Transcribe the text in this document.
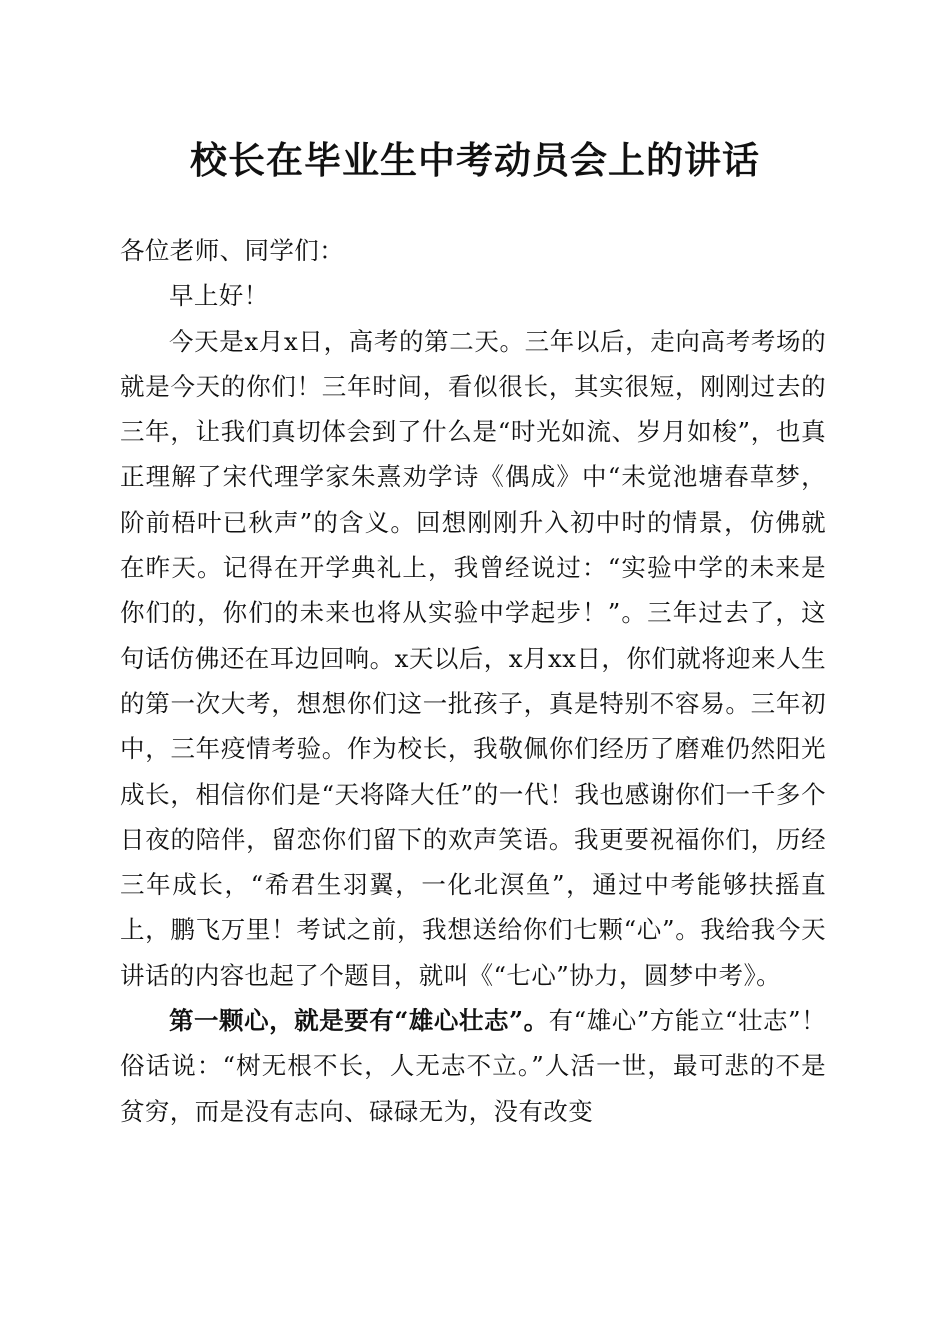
校长在毕业生中考动员会上的讲话

各位老师、同学们：

早上好！

今天是x月x日，高考的第二天。三年以后，走向高考考场的就是今天的你们！三年时间，看似很长，其实很短，刚刚过去的三年，让我们真切体会到了什么是“时光如流、岁月如梭”，也真正理解了宋代理学家朱熹劝学诗《偶成》中“未觉池塘春草梦，阶前梧叶已秋声”的含义。回想刚刚升入初中时的情景，仿佛就在昨天。记得在开学典礼上，我曾经说过：“实验中学的未来是你们的，你们的未来也将从实验中学起步！”。三年过去了，这句话仿佛还在耳边回响。x天以后，x月xx日，你们就将迎来人生的第一次大考，想想你们这一批孩子，真是特别不容易。三年初中，三年疫情考验。作为校长，我敬佩你们经历了磨难仍然阳光成长，相信你们是“天将降大任”的一代！我也感谢你们一千多个日夜的陪伴，留恋你们留下的欢声笑语。我更要祝福你们，历经三年成长，“希君生羽翼，一化北溟鱼”，通过中考能够扶摇直上，鹏飞万里！考试之前，我想送给你们七颗“心”。我给我今天讲话的内容也起了个题目，就叫《“七心”协力，圆梦中考》。

第一颗心，就是要有“雄心壮志”。有“雄心”方能立“壮志”！俗话说：“树无根不长，人无志不立。”人活一世，最可悲的不是贫穷，而是没有志向、碌碌无为，没有改变
